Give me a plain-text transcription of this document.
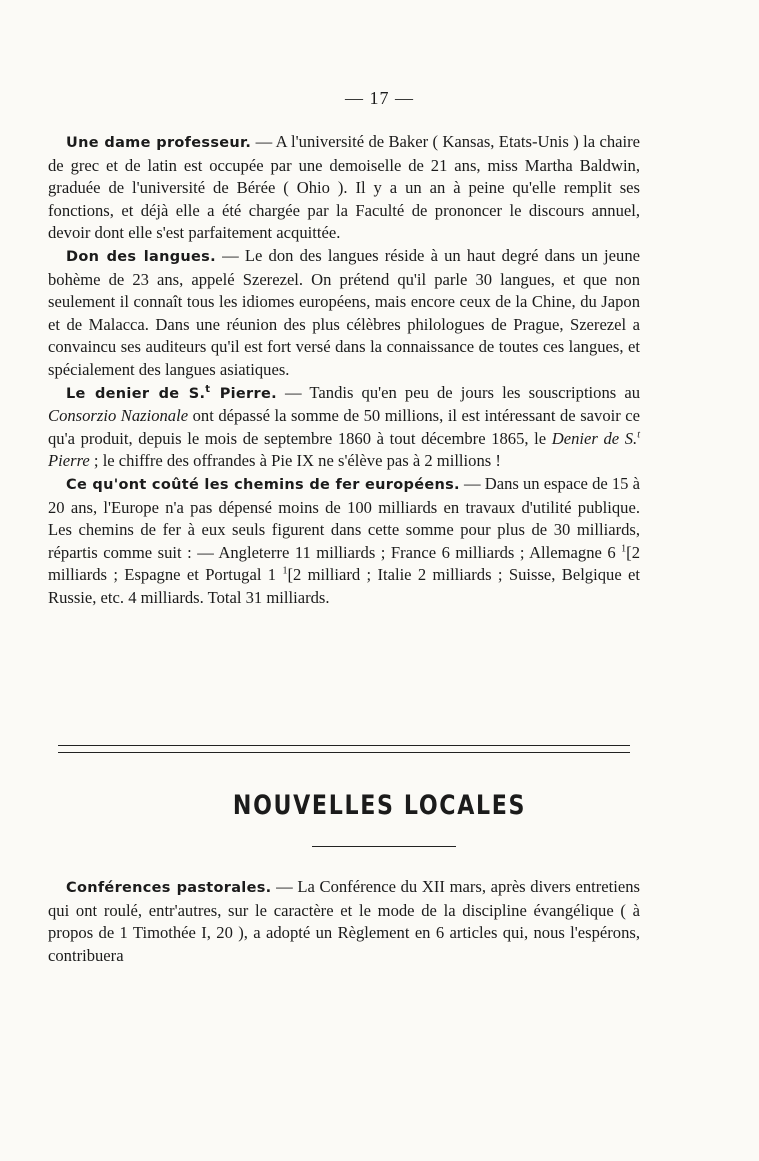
— 17 —

Une dame professeur. — A l'université de Baker ( Kansas, Etats-Unis ) la chaire de grec et de latin est occupée par une demoiselle de 21 ans, miss Martha Baldwin, graduée de l'université de Bérée ( Ohio ). Il y a un an à peine qu'elle remplit ses fonctions, et déjà elle a été chargée par la Faculté de prononcer le discours annuel, devoir dont elle s'est parfaitement acquittée.

Don des langues. — Le don des langues réside à un haut degré dans un jeune bohème de 23 ans, appelé Szerezel. On prétend qu'il parle 30 langues, et que non seulement il connaît tous les idiomes européens, mais encore ceux de la Chine, du Japon et de Malacca. Dans une réunion des plus célèbres philologues de Prague, Szerezel a convaincu ses auditeurs qu'il est fort versé dans la connaissance de toutes ces langues, et spécialement des langues asiatiques.

Le denier de S.$^t$ Pierre. — Tandis qu'en peu de jours les souscriptions au Consorzio Nazionale ont dépassé la somme de 50 millions, il est intéressant de savoir ce qu'a produit, depuis le mois de septembre 1860 à tout décembre 1865, le Denier de S.$^t$ Pierre ; le chiffre des offrandes à Pie IX ne s'élève pas à 2 millions !

Ce qu'ont coûté les chemins de fer européens. — Dans un espace de 15 à 20 ans, l'Europe n'a pas dépensé moins de 100 milliards en travaux d'utilité publique. Les chemins de fer à eux seuls figurent dans cette somme pour plus de 30 milliards, répartis comme suit : — Angleterre 11 milliards ; France 6 milliards ; Allemagne 6 $^1$[2 milliards ; Espagne et Portugal 1 $^1$[2 milliard ; Italie 2 milliards ; Suisse, Belgique et Russie, etc. 4 milliards. Total 31 milliards.

NOUVELLES LOCALES

Conférences pastorales. — La Conférence du XII mars, après divers entretiens qui ont roulé, entr'autres, sur le caractère et le mode de la discipline évangélique ( à propos de 1 Timothée I, 20 ), a adopté un Règlement en 6 articles qui, nous l'espérons, contribuera
